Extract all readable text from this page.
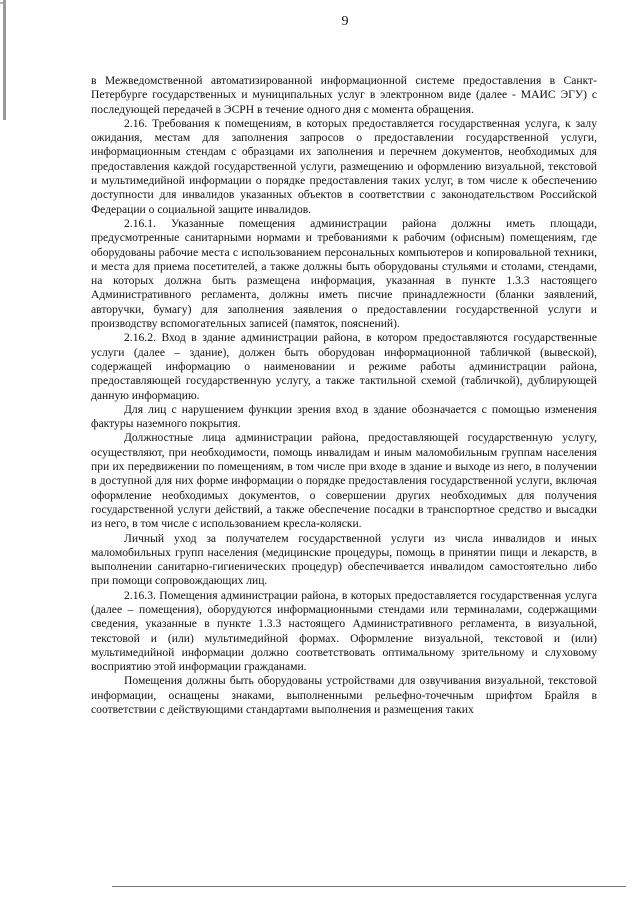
9

в Межведомственной автоматизированной информационной системе предоставления в Санкт-Петербурге государственных и муниципальных услуг в электронном виде (далее - МАИС ЭГУ) с последующей передачей в ЭСРН в течение одного дня с момента обращения.

2.16. Требования к помещениям, в которых предоставляется государственная услуга, к залу ожидания, местам для заполнения запросов о предоставлении государственной услуги, информационным стендам с образцами их заполнения и перечнем документов, необходимых для предоставления каждой государственной услуги, размещению и оформлению визуальной, текстовой и мультимедийной информации о порядке предоставления таких услуг, в том числе к обеспечению доступности для инвалидов указанных объектов в соответствии с законодательством Российской Федерации о социальной защите инвалидов.

2.16.1. Указанные помещения администрации района должны иметь площади, предусмотренные санитарными нормами и требованиями к рабочим (офисным) помещениям, где оборудованы рабочие места с использованием персональных компьютеров и копировальной техники, и места для приема посетителей, а также должны быть оборудованы стульями и столами, стендами, на которых должна быть размещена информация, указанная в пункте 1.3.3 настоящего Административного регламента, должны иметь писчие принадлежности (бланки заявлений, авторучки, бумагу) для заполнения заявления о предоставлении государственной услуги и производству вспомогательных записей (памяток, пояснений).

2.16.2. Вход в здание администрации района, в котором предоставляются государственные услуги (далее – здание), должен быть оборудован информационной табличкой (вывеской), содержащей информацию о наименовании и режиме работы администрации района, предоставляющей государственную услугу, а также тактильной схемой (табличкой), дублирующей данную информацию.

Для лиц с нарушением функции зрения вход в здание обозначается с помощью изменения фактуры наземного покрытия.

Должностные лица администрации района, предоставляющей государственную услугу, осуществляют, при необходимости, помощь инвалидам и иным маломобильным группам населения при их передвижении по помещениям, в том числе при входе в здание и выходе из него, в получении в доступной для них форме информации о порядке предоставления государственной услуги, включая оформление необходимых документов, о совершении других необходимых для получения государственной услуги действий, а также обеспечение посадки в транспортное средство и высадки из него, в том числе с использованием кресла-коляски.

Личный уход за получателем государственной услуги из числа инвалидов и иных маломобильных групп населения (медицинские процедуры, помощь в принятии пищи и лекарств, в выполнении санитарно-гигиенических процедур) обеспечивается инвалидом самостоятельно либо при помощи сопровождающих лиц.

2.16.3. Помещения администрации района, в которых предоставляется государственная услуга (далее – помещения), оборудуются информационными стендами или терминалами, содержащими сведения, указанные в пункте 1.3.3 настоящего Административного регламента, в визуальной, текстовой и (или) мультимедийной формах. Оформление визуальной, текстовой и (или) мультимедийной информации должно соответствовать оптимальному зрительному и слуховому восприятию этой информации гражданами.

Помещения должны быть оборудованы устройствами для озвучивания визуальной, текстовой информации, оснащены знаками, выполненными рельефно-точечным шрифтом Брайля в соответствии с действующими стандартами выполнения и размещения таких
